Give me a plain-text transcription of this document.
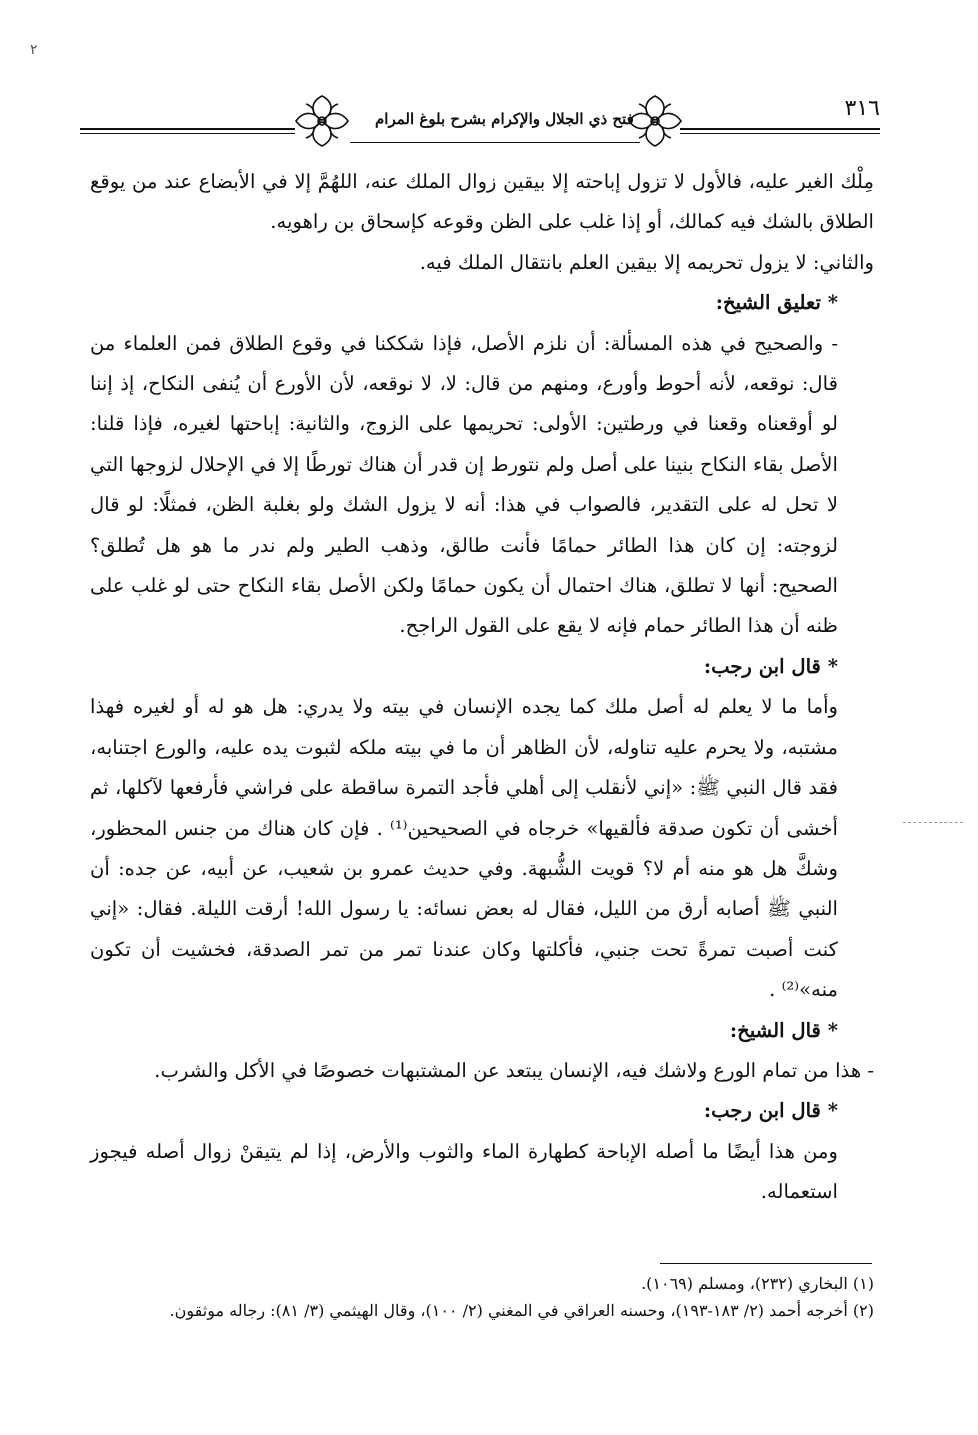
٢
٣١٦
فتح ذي الجلال والإكرام بشرح بلوغ المرام

مِلْك الغير عليه، فالأول لا تزول إباحته إلا بيقين زوال الملك عنه، اللهُمَّ إلا في الأبضاع عند من يوقع الطلاق بالشك فيه كمالك، أو إذا غلب على الظن وقوعه كإسحاق بن راهويه.

والثاني: لا يزول تحريمه إلا بيقين العلم بانتقال الملك فيه.

* تعليق الشيخ:

- والصحيح في هذه المسألة: أن نلزم الأصل، فإذا شككنا في وقوع الطلاق فمن العلماء من قال: نوقعه، لأنه أحوط وأورع، ومنهم من قال: لا، لا نوقعه، لأن الأورع أن يُنفى النكاح، إذ إننا لو أوقعناه وقعنا في ورطتين: الأولى: تحريمها على الزوج، والثانية: إباحتها لغيره، فإذا قلنا: الأصل بقاء النكاح بنينا على أصل ولم نتورط إن قدر أن هناك تورطًا إلا في الإحلال لزوجها التي لا تحل له على التقدير، فالصواب في هذا: أنه لا يزول الشك ولو بغلبة الظن، فمثلًا: لو قال لزوجته: إن كان هذا الطائر حمامًا فأنت طالق، وذهب الطير ولم ندر ما هو هل تُطلق؟ الصحيح: أنها لا تطلق، هناك احتمال أن يكون حمامًا ولكن الأصل بقاء النكاح حتى لو غلب على ظنه أن هذا الطائر حمام فإنه لا يقع على القول الراجح.

* قال ابن رجب:

وأما ما لا يعلم له أصل ملك كما يجده الإنسان في بيته ولا يدري: هل هو له أو لغيره فهذا مشتبه، ولا يحرم عليه تناوله، لأن الظاهر أن ما في بيته ملكه لثبوت يده عليه، والورع اجتنابه، فقد قال النبي ﷺ: «إني لأنقلب إلى أهلي فأجد التمرة ساقطة على فراشي فأرفعها لآكلها، ثم أخشى أن تكون صدقة فألقيها» خرجاه في الصحيحين⁽¹⁾ . فإن كان هناك من جنس المحظور، وشكَّ هل هو منه أم لا؟ قويت الشُّبهة. وفي حديث عمرو بن شعيب، عن أبيه، عن جده: أن النبي ﷺ أصابه أرق من الليل، فقال له بعض نسائه: يا رسول الله! أرقت الليلة. فقال: «إني كنت أصبت تمرةً تحت جنبي، فأكلتها وكان عندنا تمر من تمر الصدقة، فخشيت أن تكون منه»⁽²⁾ .

* قال الشيخ:

- هذا من تمام الورع ولاشك فيه، الإنسان يبتعد عن المشتبهات خصوصًا في الأكل والشرب.

* قال ابن رجب:

ومن هذا أيضًا ما أصله الإباحة كطهارة الماء والثوب والأرض، إذا لم يتيقنْ زوال أصله فيجوز استعماله.

(١) البخاري (٢٣٢)، ومسلم (١٠٦٩).

(٢) أخرجه أحمد (٢/ ١٨٣-١٩٣)، وحسنه العراقي في المغني (٢/ ١٠٠)، وقال الهيثمي (٣/ ٨١): رجاله موثقون.
